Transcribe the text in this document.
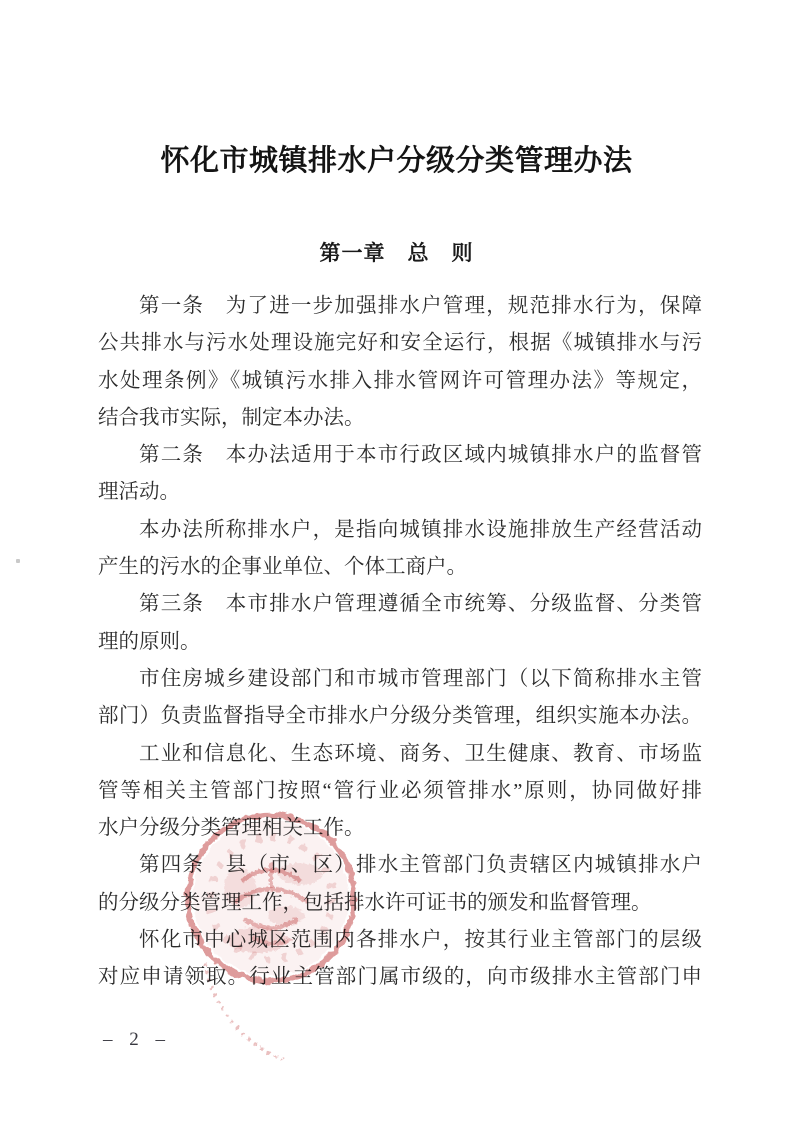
怀化市城镇排水户分级分类管理办法
第一章　总　则
第一条　为了进一步加强排水户管理，规范排水行为，保障
公共排水与污水处理设施完好和安全运行，根据《城镇排水与污
水处理条例》《城镇污水排入排水管网许可管理办法》等规定，
结合我市实际，制定本办法。
第二条　本办法适用于本市行政区域内城镇排水户的监督管
理活动。
本办法所称排水户，是指向城镇排水设施排放生产经营活动
产生的污水的企事业单位、个体工商户。
第三条　本市排水户管理遵循全市统筹、分级监督、分类管
理的原则。
市住房城乡建设部门和市城市管理部门（以下简称排水主管
部门）负责监督指导全市排水户分级分类管理，组织实施本办法。
工业和信息化、生态环境、商务、卫生健康、教育、市场监
管等相关主管部门按照“管行业必须管排水”原则，协同做好排
水户分级分类管理相关工作。
第四条　县（市、区）排水主管部门负责辖区内城镇排水户
的分级分类管理工作，包括排水许可证书的颁发和监督管理。
怀化市中心城区范围内各排水户，按其行业主管部门的层级
对应申请领取。行业主管部门属市级的，向市级排水主管部门申
– 2 –
